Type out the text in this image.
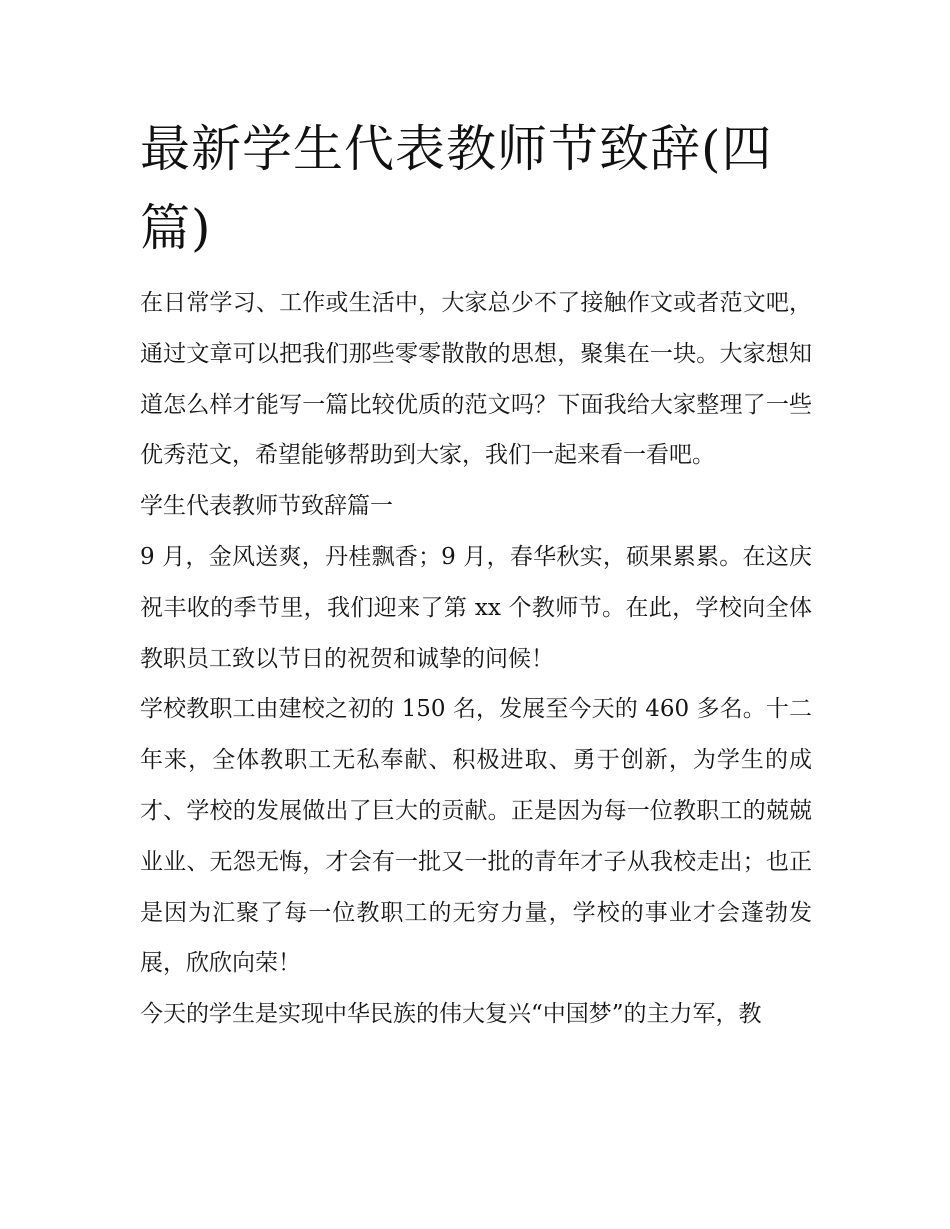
最新学生代表教师节致辞(四篇)

在日常学习、工作或生活中，大家总少不了接触作文或者范文吧，通过文章可以把我们那些零零散散的思想，聚集在一块。大家想知道怎么样才能写一篇比较优质的范文吗？下面我给大家整理了一些优秀范文，希望能够帮助到大家，我们一起来看一看吧。

学生代表教师节致辞篇一

9 月，金风送爽，丹桂飘香；9 月，春华秋实，硕果累累。在这庆祝丰收的季节里，我们迎来了第 xx 个教师节。在此，学校向全体教职员工致以节日的祝贺和诚挚的问候！

学校教职工由建校之初的 150 名，发展至今天的 460 多名。十二年来，全体教职工无私奉献、积极进取、勇于创新，为学生的成才、学校的发展做出了巨大的贡献。正是因为每一位教职工的兢兢业业、无怨无悔，才会有一批又一批的青年才子从我校走出；也正是因为汇聚了每一位教职工的无穷力量，学校的事业才会蓬勃发展，欣欣向荣！

今天的学生是实现中华民族的伟大复兴“中国梦”的主力军，教
